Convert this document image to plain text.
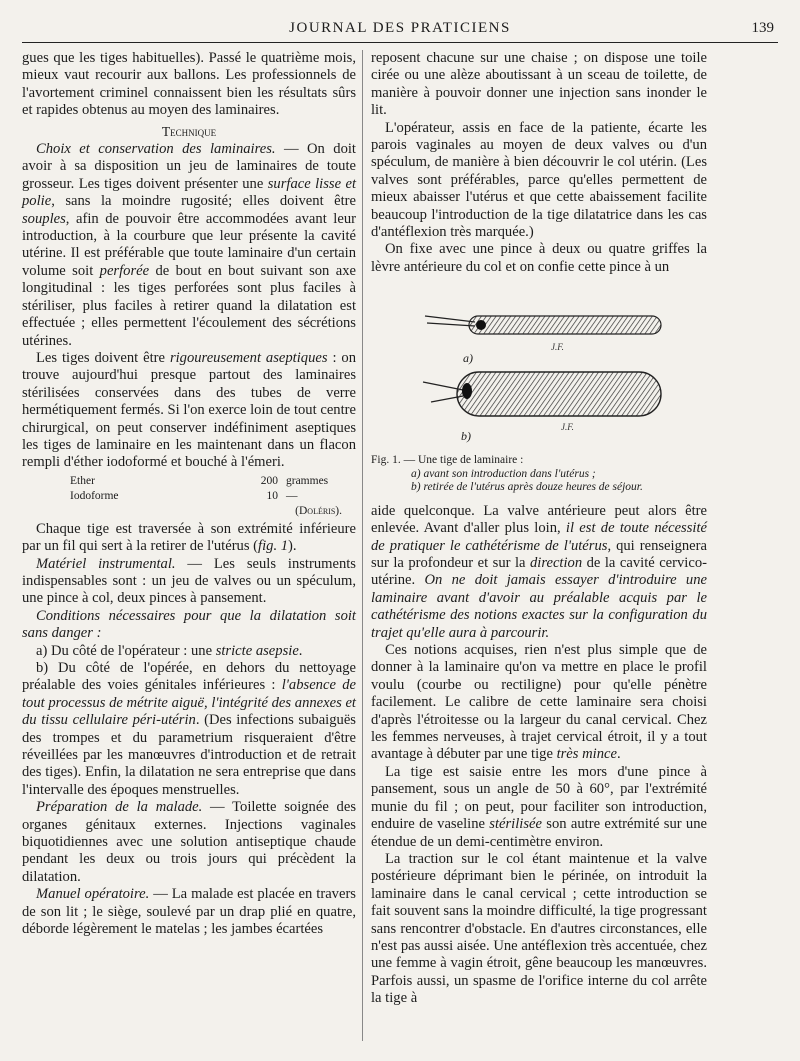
JOURNAL DES PRATICIENS	139

gues que les tiges habituelles). Passé le quatrième mois, mieux vaut recourir aux ballons. Les professionnels de l'avortement criminel connaissent bien les résultats sûrs et rapides obtenus au moyen des laminaires.

Technique

Choix et conservation des laminaires. — On doit avoir à sa disposition un jeu de laminaires de toute grosseur. Les tiges doivent présenter une surface lisse et polie, sans la moindre rugosité; elles doivent être souples, afin de pouvoir être accommodées avant leur introduction, à la courbure que leur présente la cavité utérine. Il est préférable que toute laminaire d'un certain volume soit perforée de bout en bout suivant son axe longitudinal : les tiges perforées sont plus faciles à stériliser, plus faciles à retirer quand la dilatation est effectuée ; elles permettent l'écoulement des sécrétions utérines.

Les tiges doivent être rigoureusement aseptiques : on trouve aujourd'hui presque partout des laminaires stérilisées conservées dans des tubes de verre hermétiquement fermés. Si l'on exerce loin de tout centre chirurgical, on peut conserver indéfiniment aseptiques les tiges de laminaire en les maintenant dans un flacon rempli d'éther iodoformé et bouché à l'émeri.

Ether	200	grammes
Iodoforme	10	—
(Doléris).		

Chaque tige est traversée à son extrémité inférieure par un fil qui sert à la retirer de l'utérus (fig. 1).

Matériel instrumental. — Les seuls instruments indispensables sont : un jeu de valves ou un spéculum, une pince à col, deux pinces à pansement.

Conditions nécessaires pour que la dilatation soit sans danger :

a) Du côté de l'opérateur : une stricte asepsie.

b) Du côté de l'opérée, en dehors du nettoyage préalable des voies génitales inférieures : l'absence de tout processus de métrite aiguë, l'intégrité des annexes et du tissu cellulaire péri-utérin. (Des infections subaiguës des trompes et du parametrium risqueraient d'être réveillées par les manœuvres d'introduction et de retrait des tiges). Enfin, la dilatation ne sera entreprise que dans l'intervalle des époques menstruelles.

Préparation de la malade. — Toilette soignée des organes génitaux externes. Injections vaginales biquotidiennes avec une solution antiseptique chaude pendant les deux ou trois jours qui précèdent la dilatation.

Manuel opératoire. — La malade est placée en travers de son lit ; le siège, soulevé par un drap plié en quatre, déborde légèrement le matelas ; les jambes écartées

reposent chacune sur une chaise ; on dispose une toile cirée ou une alèze aboutissant à un sceau de toilette, de manière à pouvoir donner une injection sans inonder le lit.

L'opérateur, assis en face de la patiente, écarte les parois vaginales au moyen de deux valves ou d'un spéculum, de manière à bien découvrir le col utérin. (Les valves sont préférables, parce qu'elles permettent de mieux abaisser l'utérus et que cette abaissement facilite beaucoup l'introduction de la tige dilatatrice dans les cas d'antéflexion très marquée.)

On fixe avec une pince à deux ou quatre griffes la lèvre antérieure du col et on confie cette pince à un

J.F.
J.F.
a)
b)
Fig. 1. — Une tige de laminaire :
a) avant son introduction dans l'utérus ;
b) retirée de l'utérus après douze heures de séjour.

aide quelconque. La valve antérieure peut alors être enlevée. Avant d'aller plus loin, il est de toute nécessité de pratiquer le cathétérisme de l'utérus, qui renseignera sur la profondeur et sur la direction de la cavité cervico-utérine. On ne doit jamais essayer d'introduire une laminaire avant d'avoir au préalable acquis par le cathétérisme des notions exactes sur la configuration du trajet qu'elle aura à parcourir.

Ces notions acquises, rien n'est plus simple que de donner à la laminaire qu'on va mettre en place le profil voulu (courbe ou rectiligne) pour qu'elle pénètre facilement. Le calibre de cette laminaire sera choisi d'après l'étroitesse ou la largeur du canal cervical. Chez les femmes nerveuses, à trajet cervical étroit, il y a tout avantage à débuter par une tige très mince.

La tige est saisie entre les mors d'une pince à pansement, sous un angle de 50 à 60°, par l'extrémité munie du fil ; on peut, pour faciliter son introduction, enduire de vaseline stérilisée son autre extrémité sur une étendue de un demi-centimètre environ.

La traction sur le col étant maintenue et la valve postérieure déprimant bien le périnée, on introduit la laminaire dans le canal cervical ; cette introduction se fait souvent sans la moindre difficulté, la tige progressant sans rencontrer d'obstacle. En d'autres circonstances, elle n'est pas aussi aisée. Une antéflexion très accentuée, chez une femme à vagin étroit, gêne beaucoup les manœuvres. Parfois aussi, un spasme de l'orifice interne du col arrête la tige à
